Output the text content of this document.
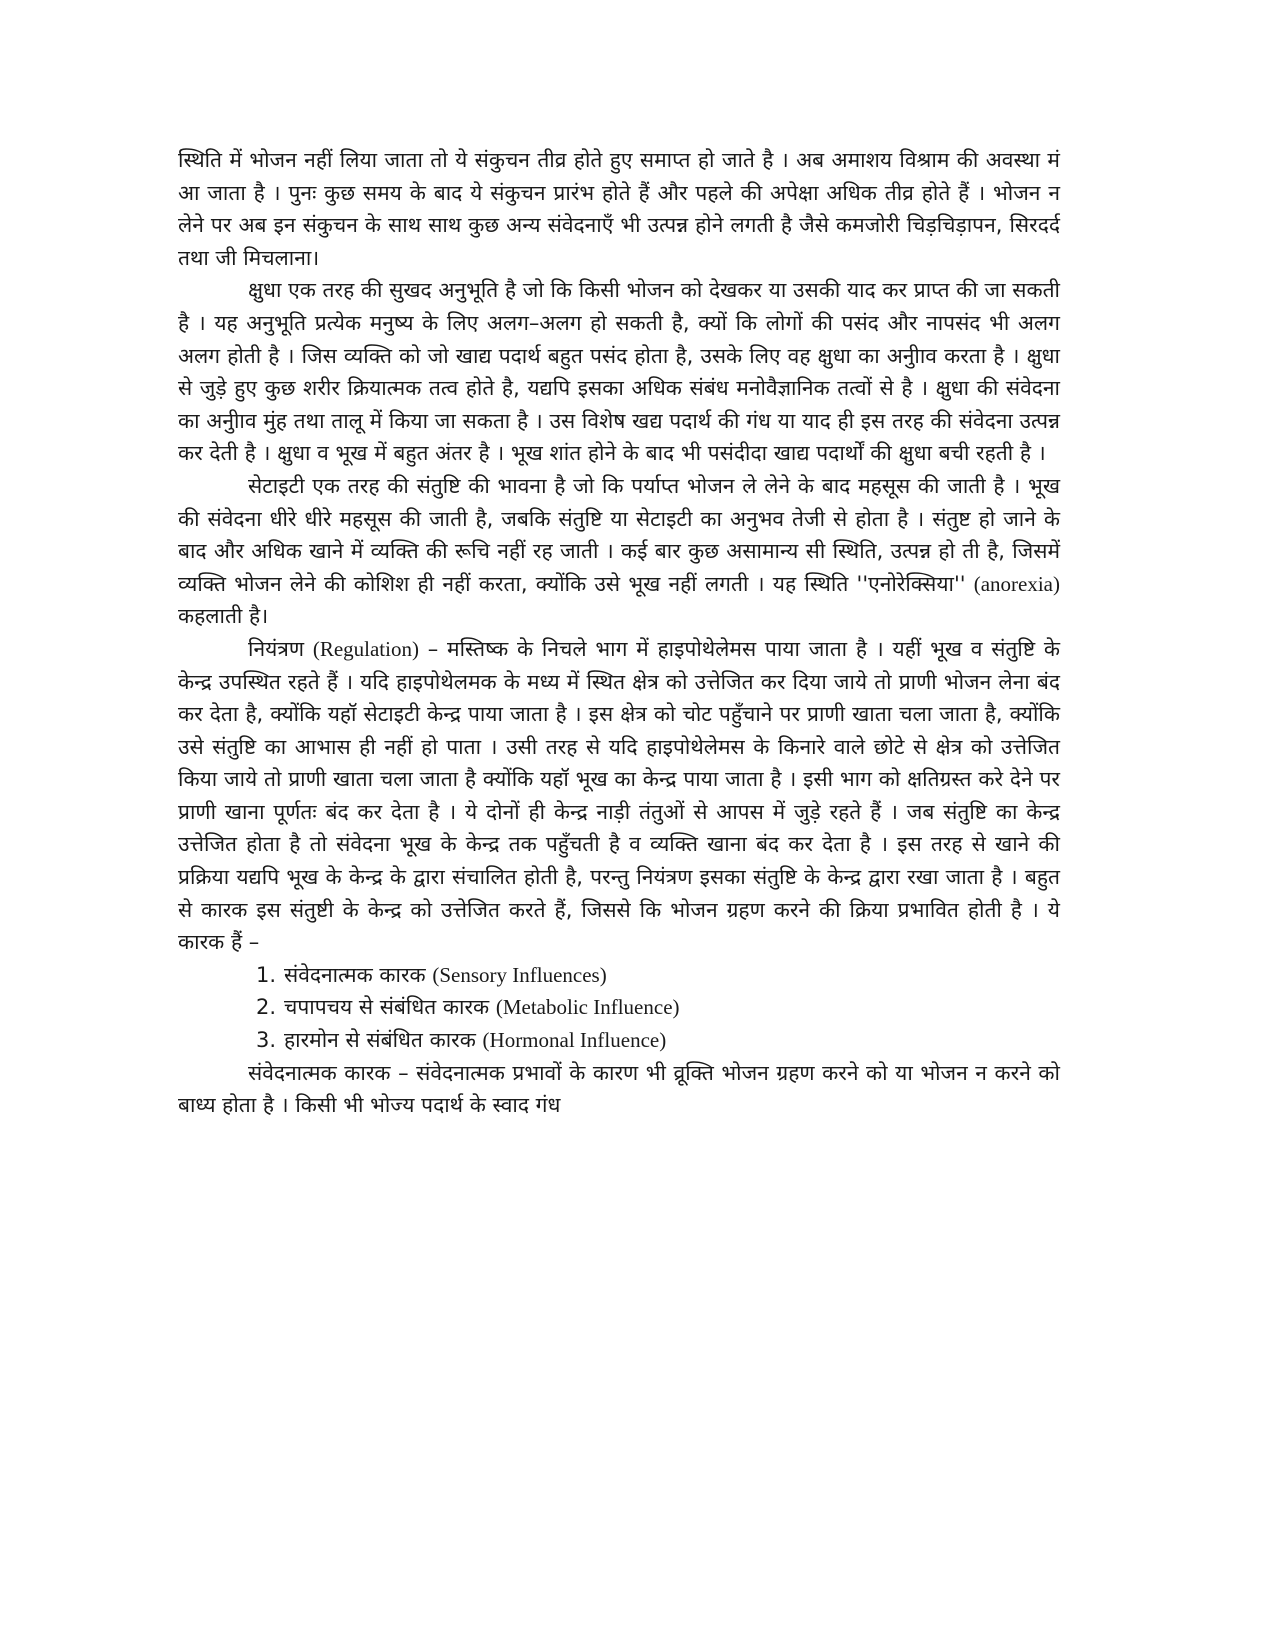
स्थिति में भोजन नहीं लिया जाता तो ये संकुचन तीव्र होते हुए समाप्त हो जाते है । अब अमाशय विश्राम की अवस्था मं आ जाता है । पुनः कुछ समय के बाद ये संकुचन प्रारंभ होते हैं और पहले की अपेक्षा अधिक तीव्र होते हैं । भोजन न लेने पर अब इन संकुचन के साथ साथ कुछ अन्य संवेदनाएँ भी उत्पन्न होने लगती है जैसे कमजोरी चिड़चिड़ापन, सिरदर्द तथा जी मिचलाना।

क्षुधा एक तरह की सुखद अनुभूति है जो कि किसी भोजन को देखकर या उसकी याद कर प्राप्त की जा सकती है । यह अनुभूति प्रत्येक मनुष्य के लिए अलग–अलग हो सकती है, क्यों कि लोगों की पसंद और नापसंद भी अलग अलग होती है । जिस व्यक्ति को जो खाद्य पदार्थ बहुत पसंद होता है, उसके लिए वह क्षुधा का अनुीाव करता है । क्षुधा से जुड़े हुए कुछ शरीर क्रियात्मक तत्व होते है, यद्यपि इसका अधिक संबंध मनोवैज्ञानिक तत्वों से है । क्षुधा की संवेदना का अनुीाव मुंह तथा तालू में किया जा सकता है । उस विशेष खद्य पदार्थ की गंध या याद ही इस तरह की संवेदना उत्पन्न कर देती है । क्षुधा व भूख में बहुत अंतर है । भूख शांत होने के बाद भी पसंदीदा खाद्य पदार्थों की क्षुधा बची रहती है ।

सेटाइटी एक तरह की संतुष्टि की भावना है जो कि पर्याप्त भोजन ले लेने के बाद महसूस की जाती है । भूख की संवेदना धीरे धीरे महसूस की जाती है, जबकि संतुष्टि या सेटाइटी का अनुभव तेजी से होता है । संतुष्ट हो जाने के बाद और अधिक खाने में व्यक्ति की रूचि नहीं रह जाती । कई बार कुछ असामान्य सी स्थिति, उत्पन्न हो ती है, जिसमें व्यक्ति भोजन लेने की कोशिश ही नहीं करता, क्योंकि उसे भूख नहीं लगती । यह स्थिति ''एनोरेक्सिया'' (anorexia) कहलाती है।

नियंत्रण (Regulation) – मस्तिष्क के निचले भाग में हाइपोथेलेमस पाया जाता है । यहीं भूख व संतुष्टि के केन्द्र उपस्थित रहते हैं । यदि हाइपोथेलमक के मध्य में स्थित क्षेत्र को उत्तेजित कर दिया जाये तो प्राणी भोजन लेना बंद कर देता है, क्योंकि यहॉ सेटाइटी केन्द्र पाया जाता है । इस क्षेत्र को चोट पहुँचाने पर प्राणी खाता चला जाता है, क्योंकि उसे संतुष्टि का आभास ही नहीं हो पाता । उसी तरह से यदि हाइपोथेलेमस के किनारे वाले छोटे से क्षेत्र को उत्तेजित किया जाये तो प्राणी खाता चला जाता है क्योंकि यहॉ भूख का केन्द्र पाया जाता है । इसी भाग को क्षतिग्रस्त करे देने पर प्राणी खाना पूर्णतः बंद कर देता है । ये दोनों ही केन्द्र नाड़ी तंतुओं से आपस में जुड़े रहते हैं । जब संतुष्टि का केन्द्र उत्तेजित होता है तो संवेदना भूख के केन्द्र तक पहुँचती है व व्यक्ति खाना बंद कर देता है । इस तरह से खाने की प्रक्रिया यद्यपि भूख के केन्द्र के द्वारा संचालित होती है, परन्तु नियंत्रण इसका संतुष्टि के केन्द्र द्वारा रखा जाता है । बहुत से कारक इस संतुष्टी के केन्द्र को उत्तेजित करते हैं, जिससे कि भोजन ग्रहण करने की क्रिया प्रभावित होती है । ये कारक हैं –

1. संवेदनात्मक कारक (Sensory Influences)
2. चपापचय से संबंधित कारक (Metabolic Influence)
3. हारमोन से संबंधित कारक (Hormonal Influence)

संवेदनात्मक कारक – संवेदनात्मक प्रभावों के कारण भी व्रूक्ति भोजन ग्रहण करने को या भोजन न करने को बाध्य होता है । किसी भी भोज्य पदार्थ के स्वाद गंध
